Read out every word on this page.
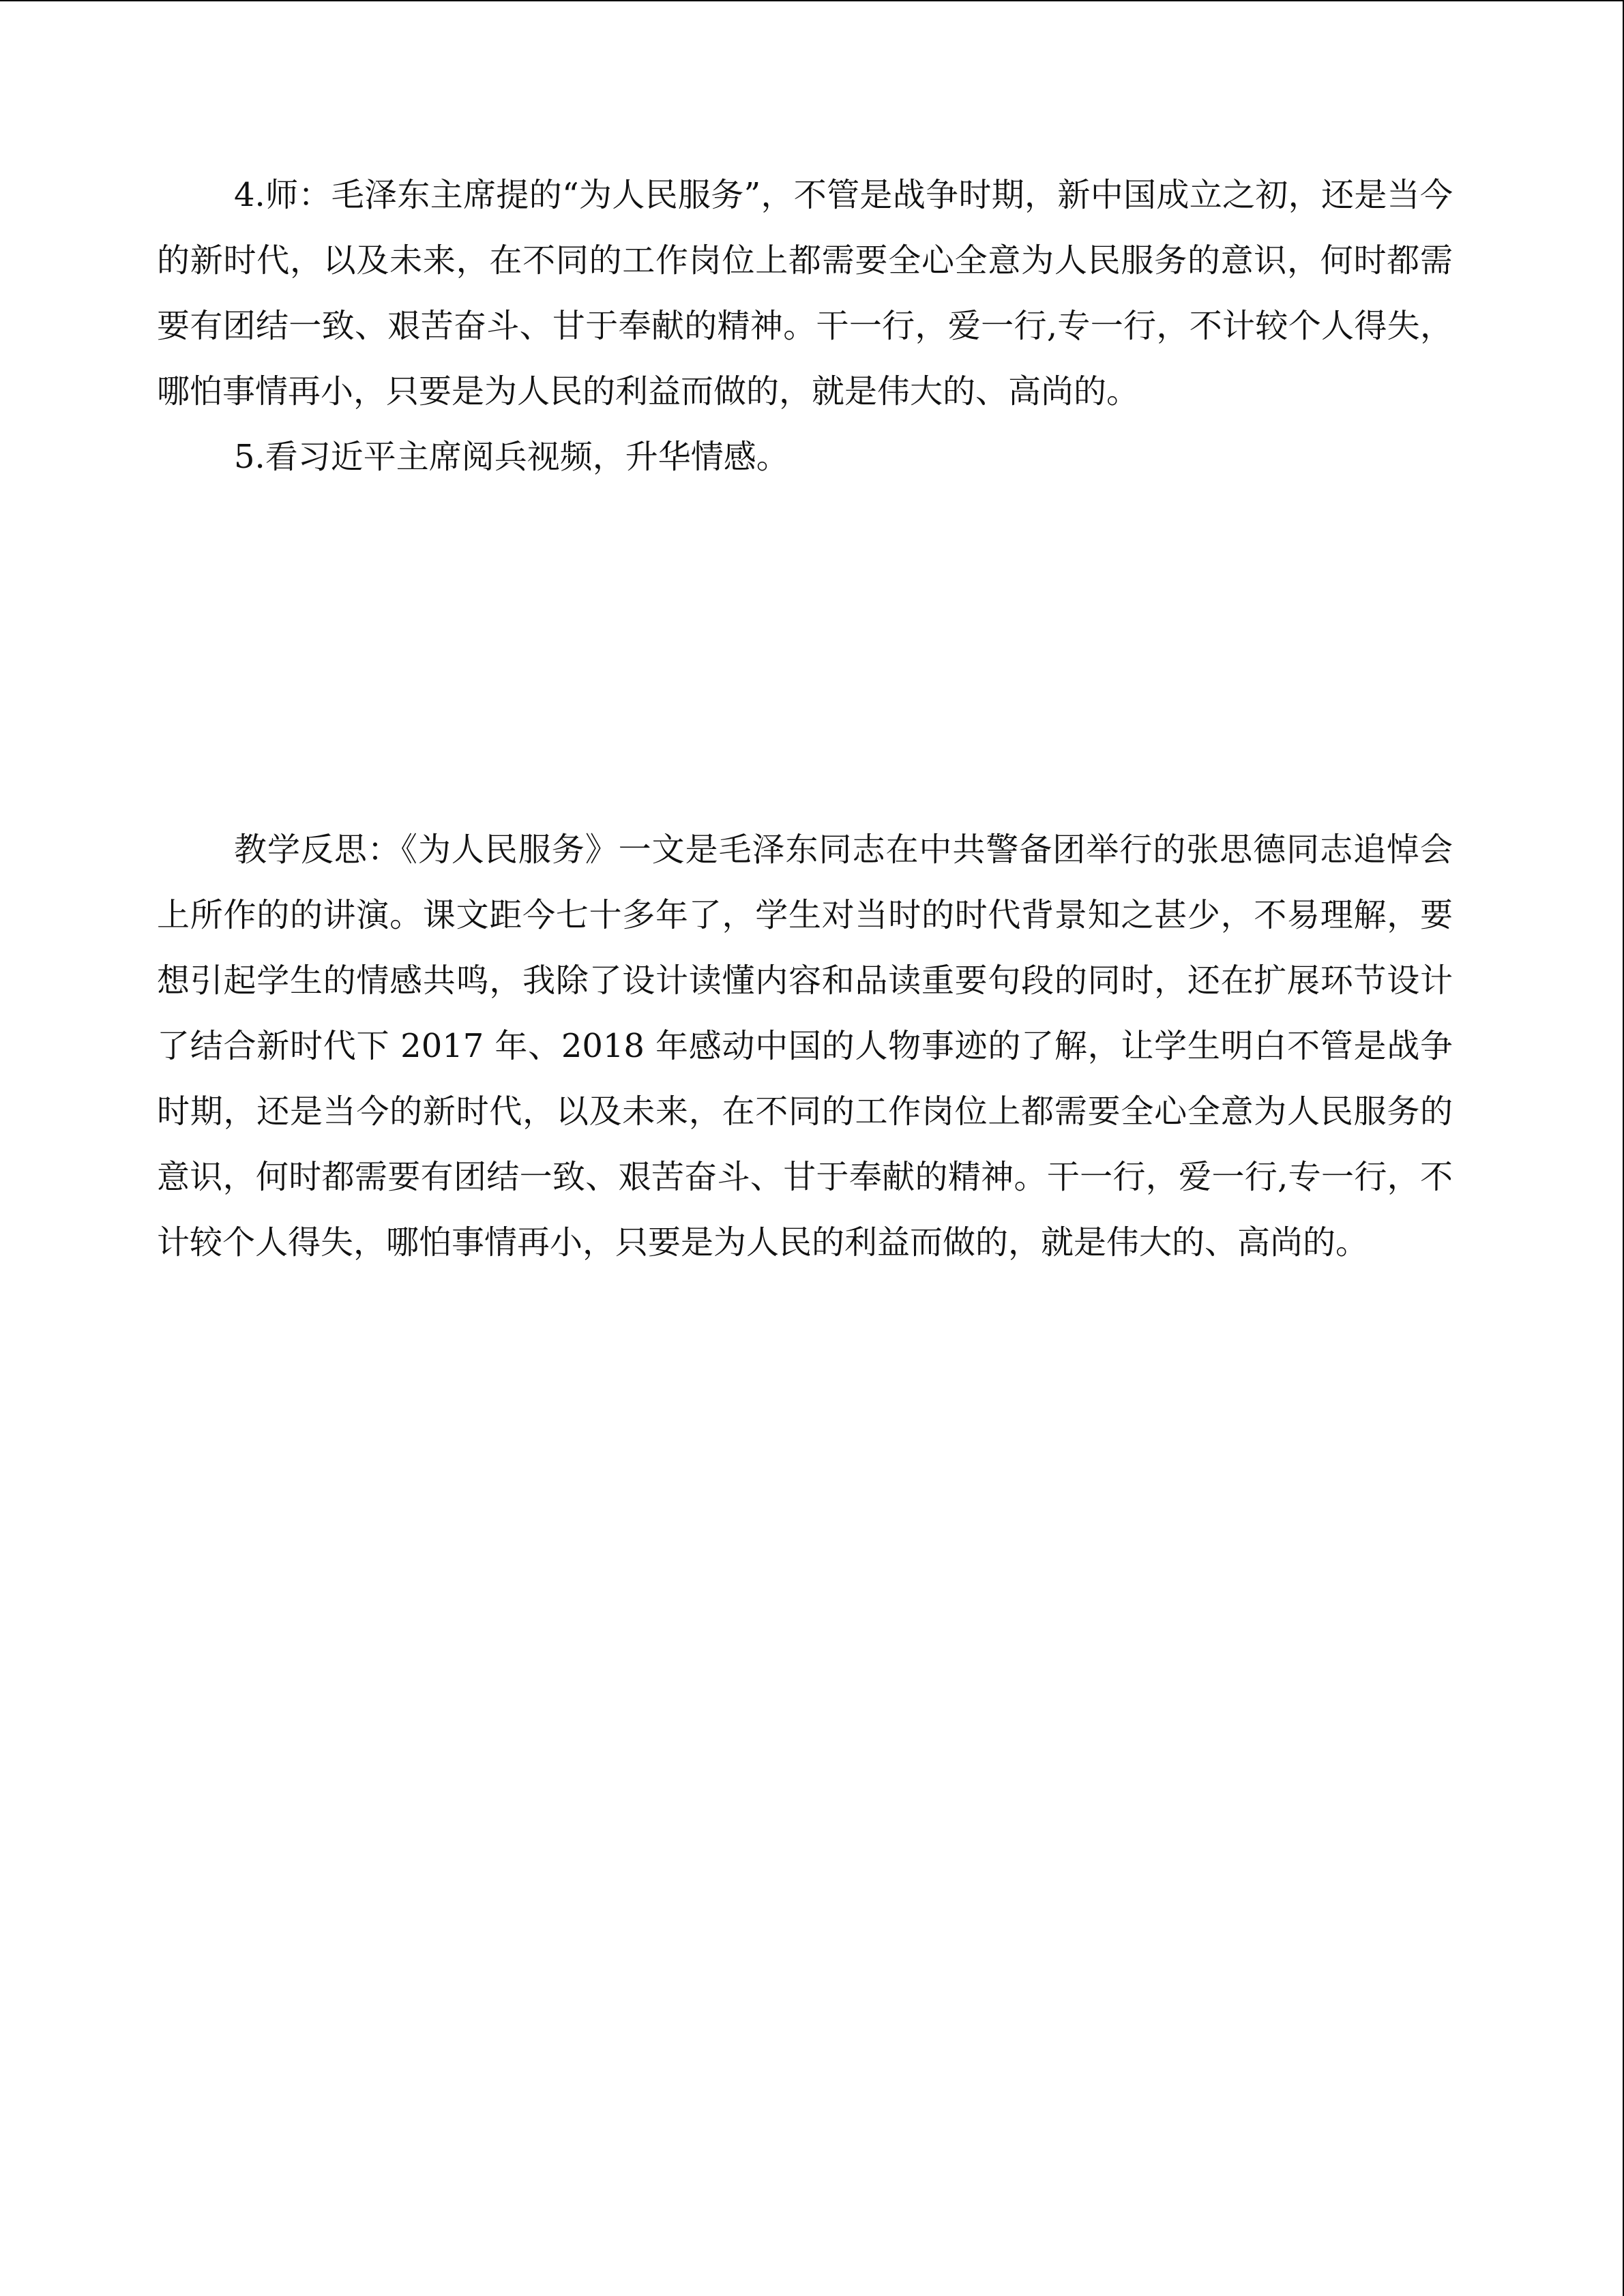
4.师：毛泽东主席提的“为人民服务”，不管是战争时期，新中国成立之初，还是当今的新时代，以及未来，在不同的工作岗位上都需要全心全意为人民服务的意识，何时都需要有团结一致、艰苦奋斗、甘于奉献的精神。干一行，爱一行,专一行，不计较个人得失，哪怕事情再小，只要是为人民的利益而做的，就是伟大的、高尚的。

5.看习近平主席阅兵视频，升华情感。

教学反思：《为人民服务》一文是毛泽东同志在中共警备团举行的张思德同志追悼会上所作的的讲演。课文距今七十多年了，学生对当时的时代背景知之甚少，不易理解，要想引起学生的情感共鸣，我除了设计读懂内容和品读重要句段的同时，还在扩展环节设计了结合新时代下 2017 年、2018 年感动中国的人物事迹的了解，让学生明白不管是战争时期，还是当今的新时代，以及未来，在不同的工作岗位上都需要全心全意为人民服务的意识，何时都需要有团结一致、艰苦奋斗、甘于奉献的精神。干一行，爱一行,专一行，不计较个人得失，哪怕事情再小，只要是为人民的利益而做的，就是伟大的、高尚的。
